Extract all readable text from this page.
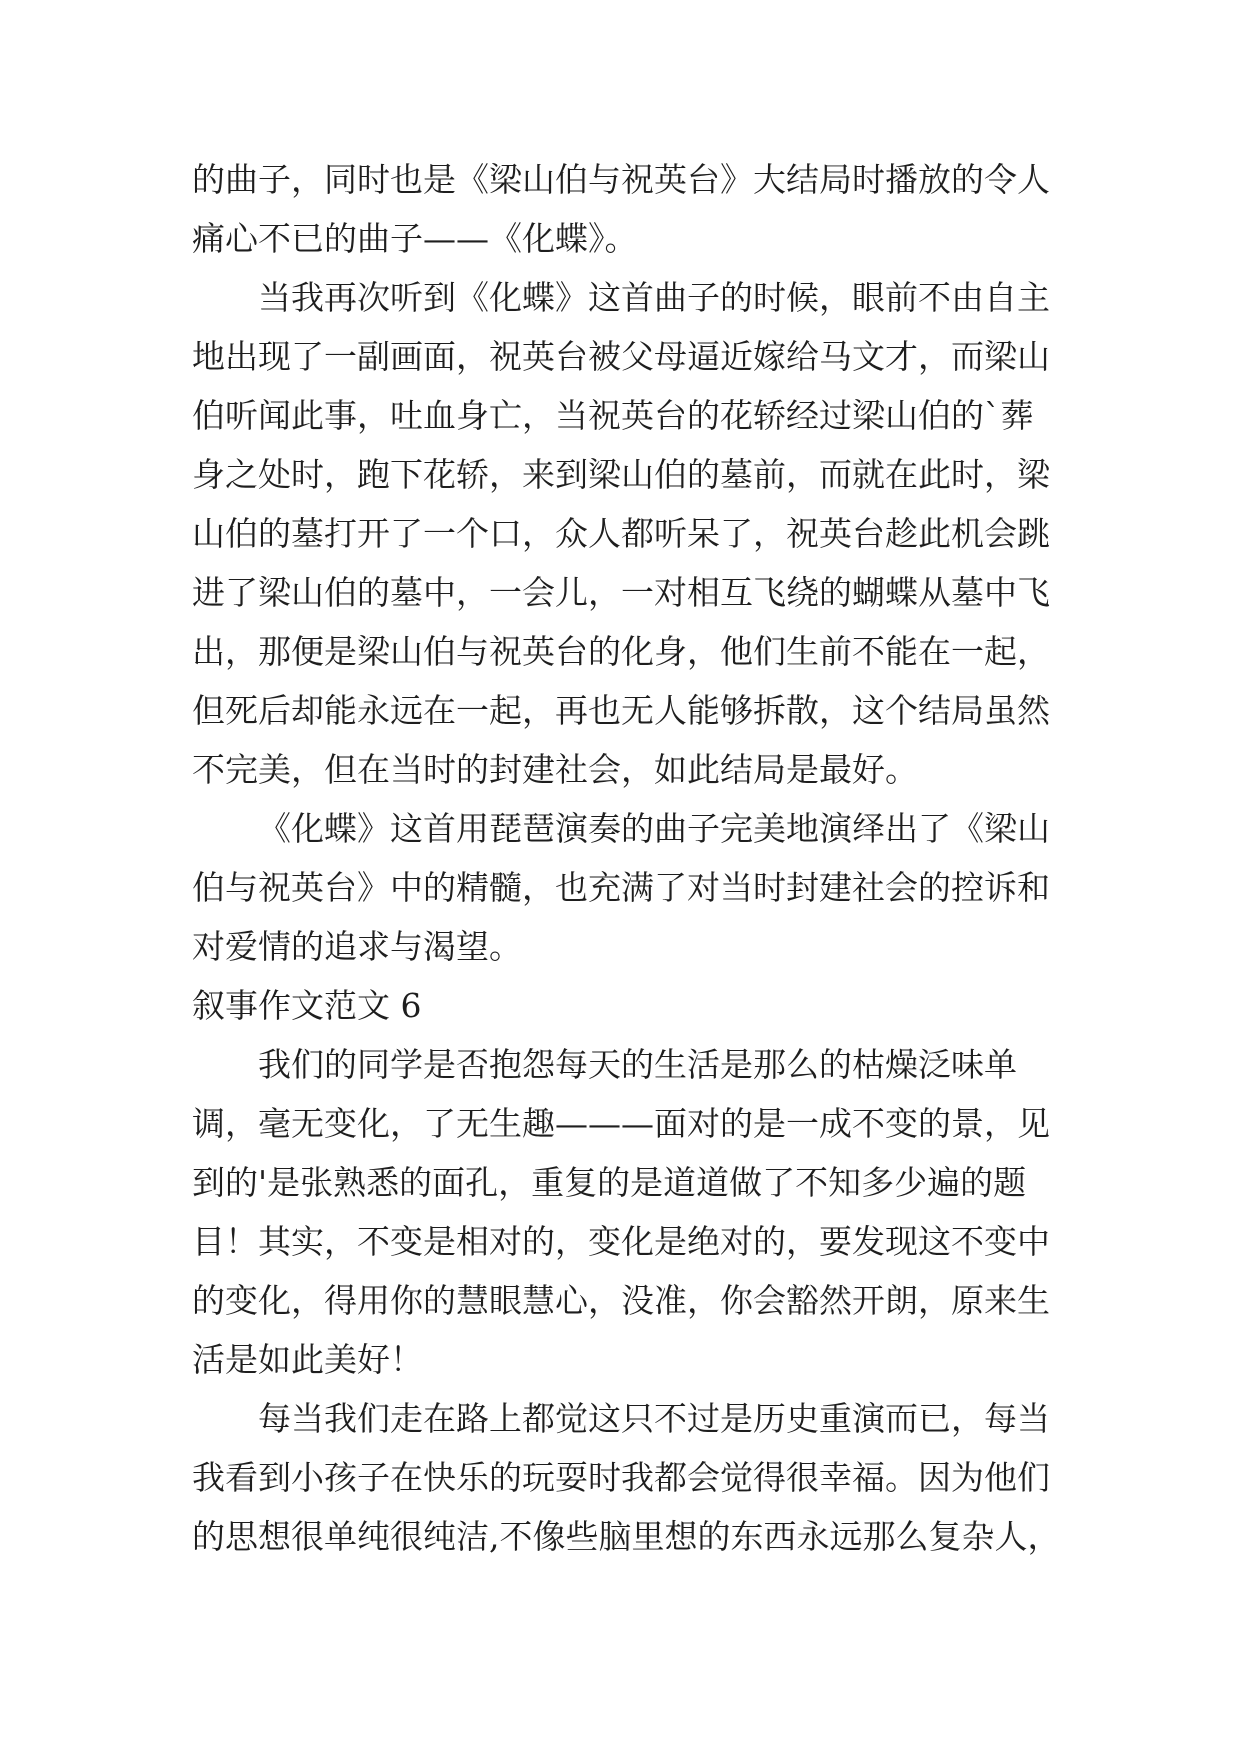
的曲子，同时也是《梁山伯与祝英台》大结局时播放的令人
痛心不已的曲子——《化蝶》。
当我再次听到《化蝶》这首曲子的时候，眼前不由自主
地出现了一副画面，祝英台被父母逼近嫁给马文才，而梁山
伯听闻此事，吐血身亡，当祝英台的花轿经过梁山伯的`葬
身之处时，跑下花轿，来到梁山伯的墓前，而就在此时，梁
山伯的墓打开了一个口，众人都听呆了，祝英台趁此机会跳
进了梁山伯的墓中，一会儿，一对相互飞绕的蝴蝶从墓中飞
出，那便是梁山伯与祝英台的化身，他们生前不能在一起，
但死后却能永远在一起，再也无人能够拆散，这个结局虽然
不完美，但在当时的封建社会，如此结局是最好。
《化蝶》这首用琵琶演奏的曲子完美地演绎出了《梁山
伯与祝英台》中的精髓，也充满了对当时封建社会的控诉和
对爱情的追求与渴望。
叙事作文范文 6
我们的同学是否抱怨每天的生活是那么的枯燥泛味单
调，毫无变化，了无生趣———面对的是一成不变的景，见
到的'是张熟悉的面孔，重复的是道道做了不知多少遍的题
目！其实，不变是相对的，变化是绝对的，要发现这不变中
的变化，得用你的慧眼慧心，没准，你会豁然开朗，原来生
活是如此美好！
每当我们走在路上都觉这只不过是历史重演而已，每当
我看到小孩子在快乐的玩耍时我都会觉得很幸福。因为他们
的思想很单纯很纯洁,不像些脑里想的东西永远那么复杂人，
